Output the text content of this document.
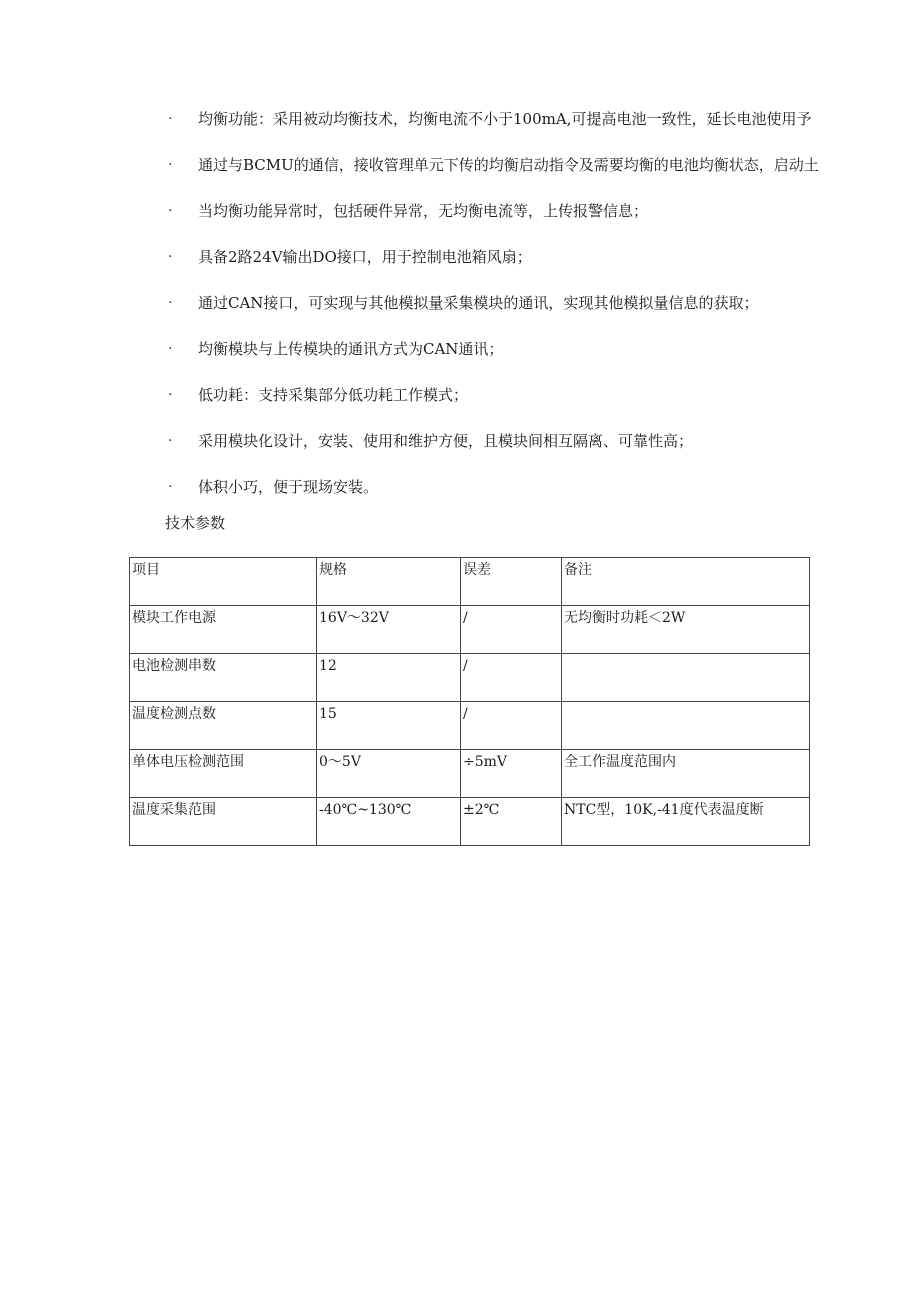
·	均衡功能：采用被动均衡技术，均衡电流不小于100mA,可提高电池一致性，延长电池使用予
·	通过与BCMU的通信，接收管理单元下传的均衡启动指令及需要均衡的电池均衡状态，启动土
·	当均衡功能异常时，包括硬件异常，无均衡电流等，上传报警信息；
·	具备2路24V输出DO接口，用于控制电池箱风扇；
·	通过CAN接口，可实现与其他模拟量采集模块的通讯，实现其他模拟量信息的获取；
·	均衡模块与上传模块的通讯方式为CAN通讯；
·	低功耗：支持采集部分低功耗工作模式；
·	采用模块化设计，安装、使用和维护方便，且模块间相互隔离、可靠性高；
·	体积小巧，便于现场安装。
技术参数
项目	规格	误差	备注
模块工作电源	16V～32V	/	无均衡时功耗＜2W
电池检测串数	12	/	
温度检测点数	15	/	
单体电压检测范围	0～5V	÷5mV	全工作温度范围内
温度采集范围	-40℃~130℃	±2℃	NTC型，10K,-41度代表温度断
